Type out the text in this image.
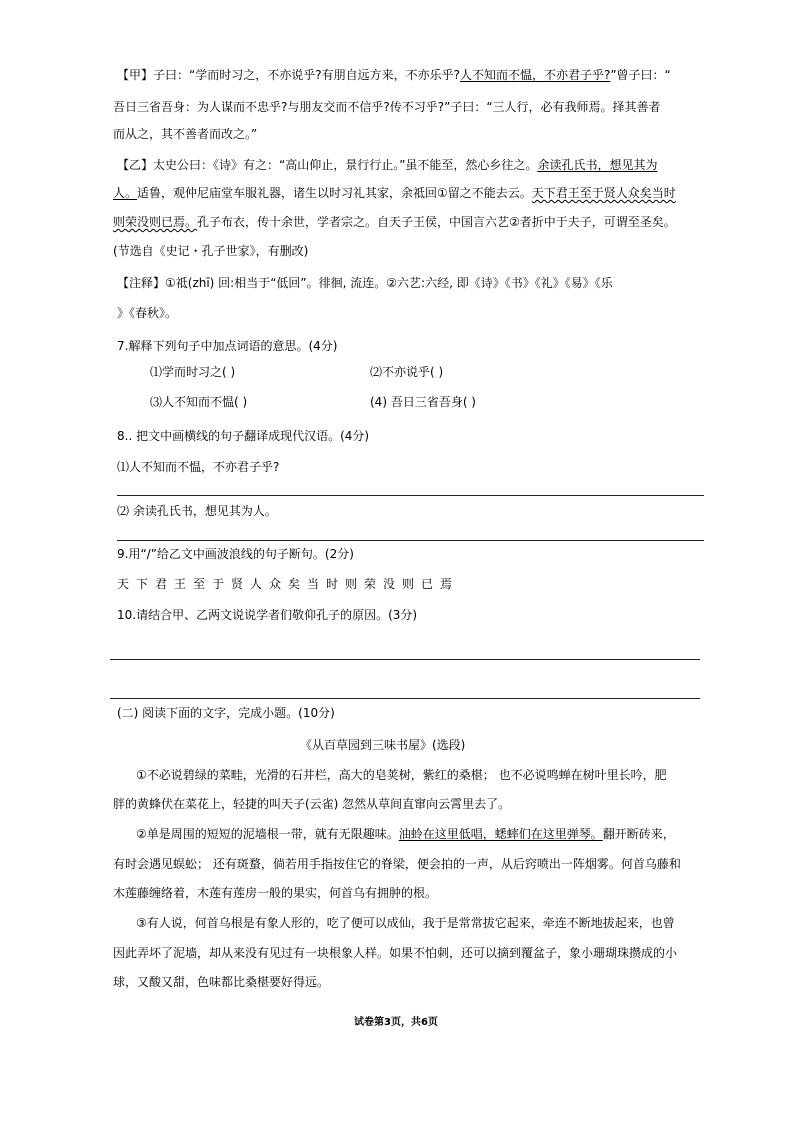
【甲】子曰：“学而时习之，不亦说乎?有朋自远方来，不亦乐乎?人不知而不愠，不亦君子乎?”曾子曰：“
吾日三省吾身：为人谋而不忠乎?与朋友交而不信乎?传不习乎?”子曰：“三人行，必有我师焉。择其善者
而从之，其不善者而改之。”
【乙】太史公曰：《诗》有之：“高山仰止，景行行止。”虽不能至，然心乡往之。余读孔氏书，想见其为
人。适鲁，观仲尼庙堂车服礼器，诸生以时习礼其家，余祗回①留之不能去云。天下君王至于贤人众矣当时
则荣没则已焉。孔子布衣，传十余世，学者宗之。自天子王侯，中国言六艺②者折中于夫子，可谓至圣矣。
(节选自《史记・孔子世家》，有删改)
【注释】①祗(zhī) 回:相当于“低回”。徘徊, 流连。②六艺:六经, 即《诗》《书》《礼》《易》《乐
》《春秋》。
7.解释下列句子中加点词语的意思。(4分)
⑴学而时习之( )	⑵不亦说乎( )
⑶人不知而不愠( )	(4) 吾日三省吾身( )
8.. 把文中画横线的句子翻译成现代汉语。(4分)
⑴人不知而不愠，不亦君子乎?
⑵ 余读孔氏书，想见其为人。
9.用“/”给乙文中画波浪线的句子断句。(2分)
天下君王至于贤人众矣当时则荣没则已焉
10.请结合甲、乙两文说说学者们敬仰孔子的原因。(3分)
(二) 阅读下面的文字，完成小题。(10分)
《从百草园到三味书屋》(选段)
①不必说碧绿的菜畦，光滑的石井栏，高大的皂荚树，紫红的桑椹； 也不必说鸣蝉在树叶里长吟，肥
胖的黄蜂伏在菜花上，轻捷的叫天子(云雀) 忽然从草间直窜向云霄里去了。
②单是周围的短短的泥墙根一带，就有无限趣味。油蛉在这里低唱，蟋蟀们在这里弹琴。翻开断砖来，
有时会遇见蜈蚣； 还有斑蝥，倘若用手指按住它的脊梁，便会拍的一声，从后窍喷出一阵烟雾。何首乌藤和
木莲藤缠络着，木莲有莲房一般的果实，何首乌有拥肿的根。
③有人说，何首乌根是有象人形的，吃了便可以成仙，我于是常常拔它起来，牵连不断地拔起来，也曾
因此弄坏了泥墙，却从来没有见过有一块根象人样。如果不怕刺，还可以摘到覆盆子，象小珊瑚珠攒成的小
球，又酸又甜，色味都比桑椹要好得远。
试卷第3页，共6页
